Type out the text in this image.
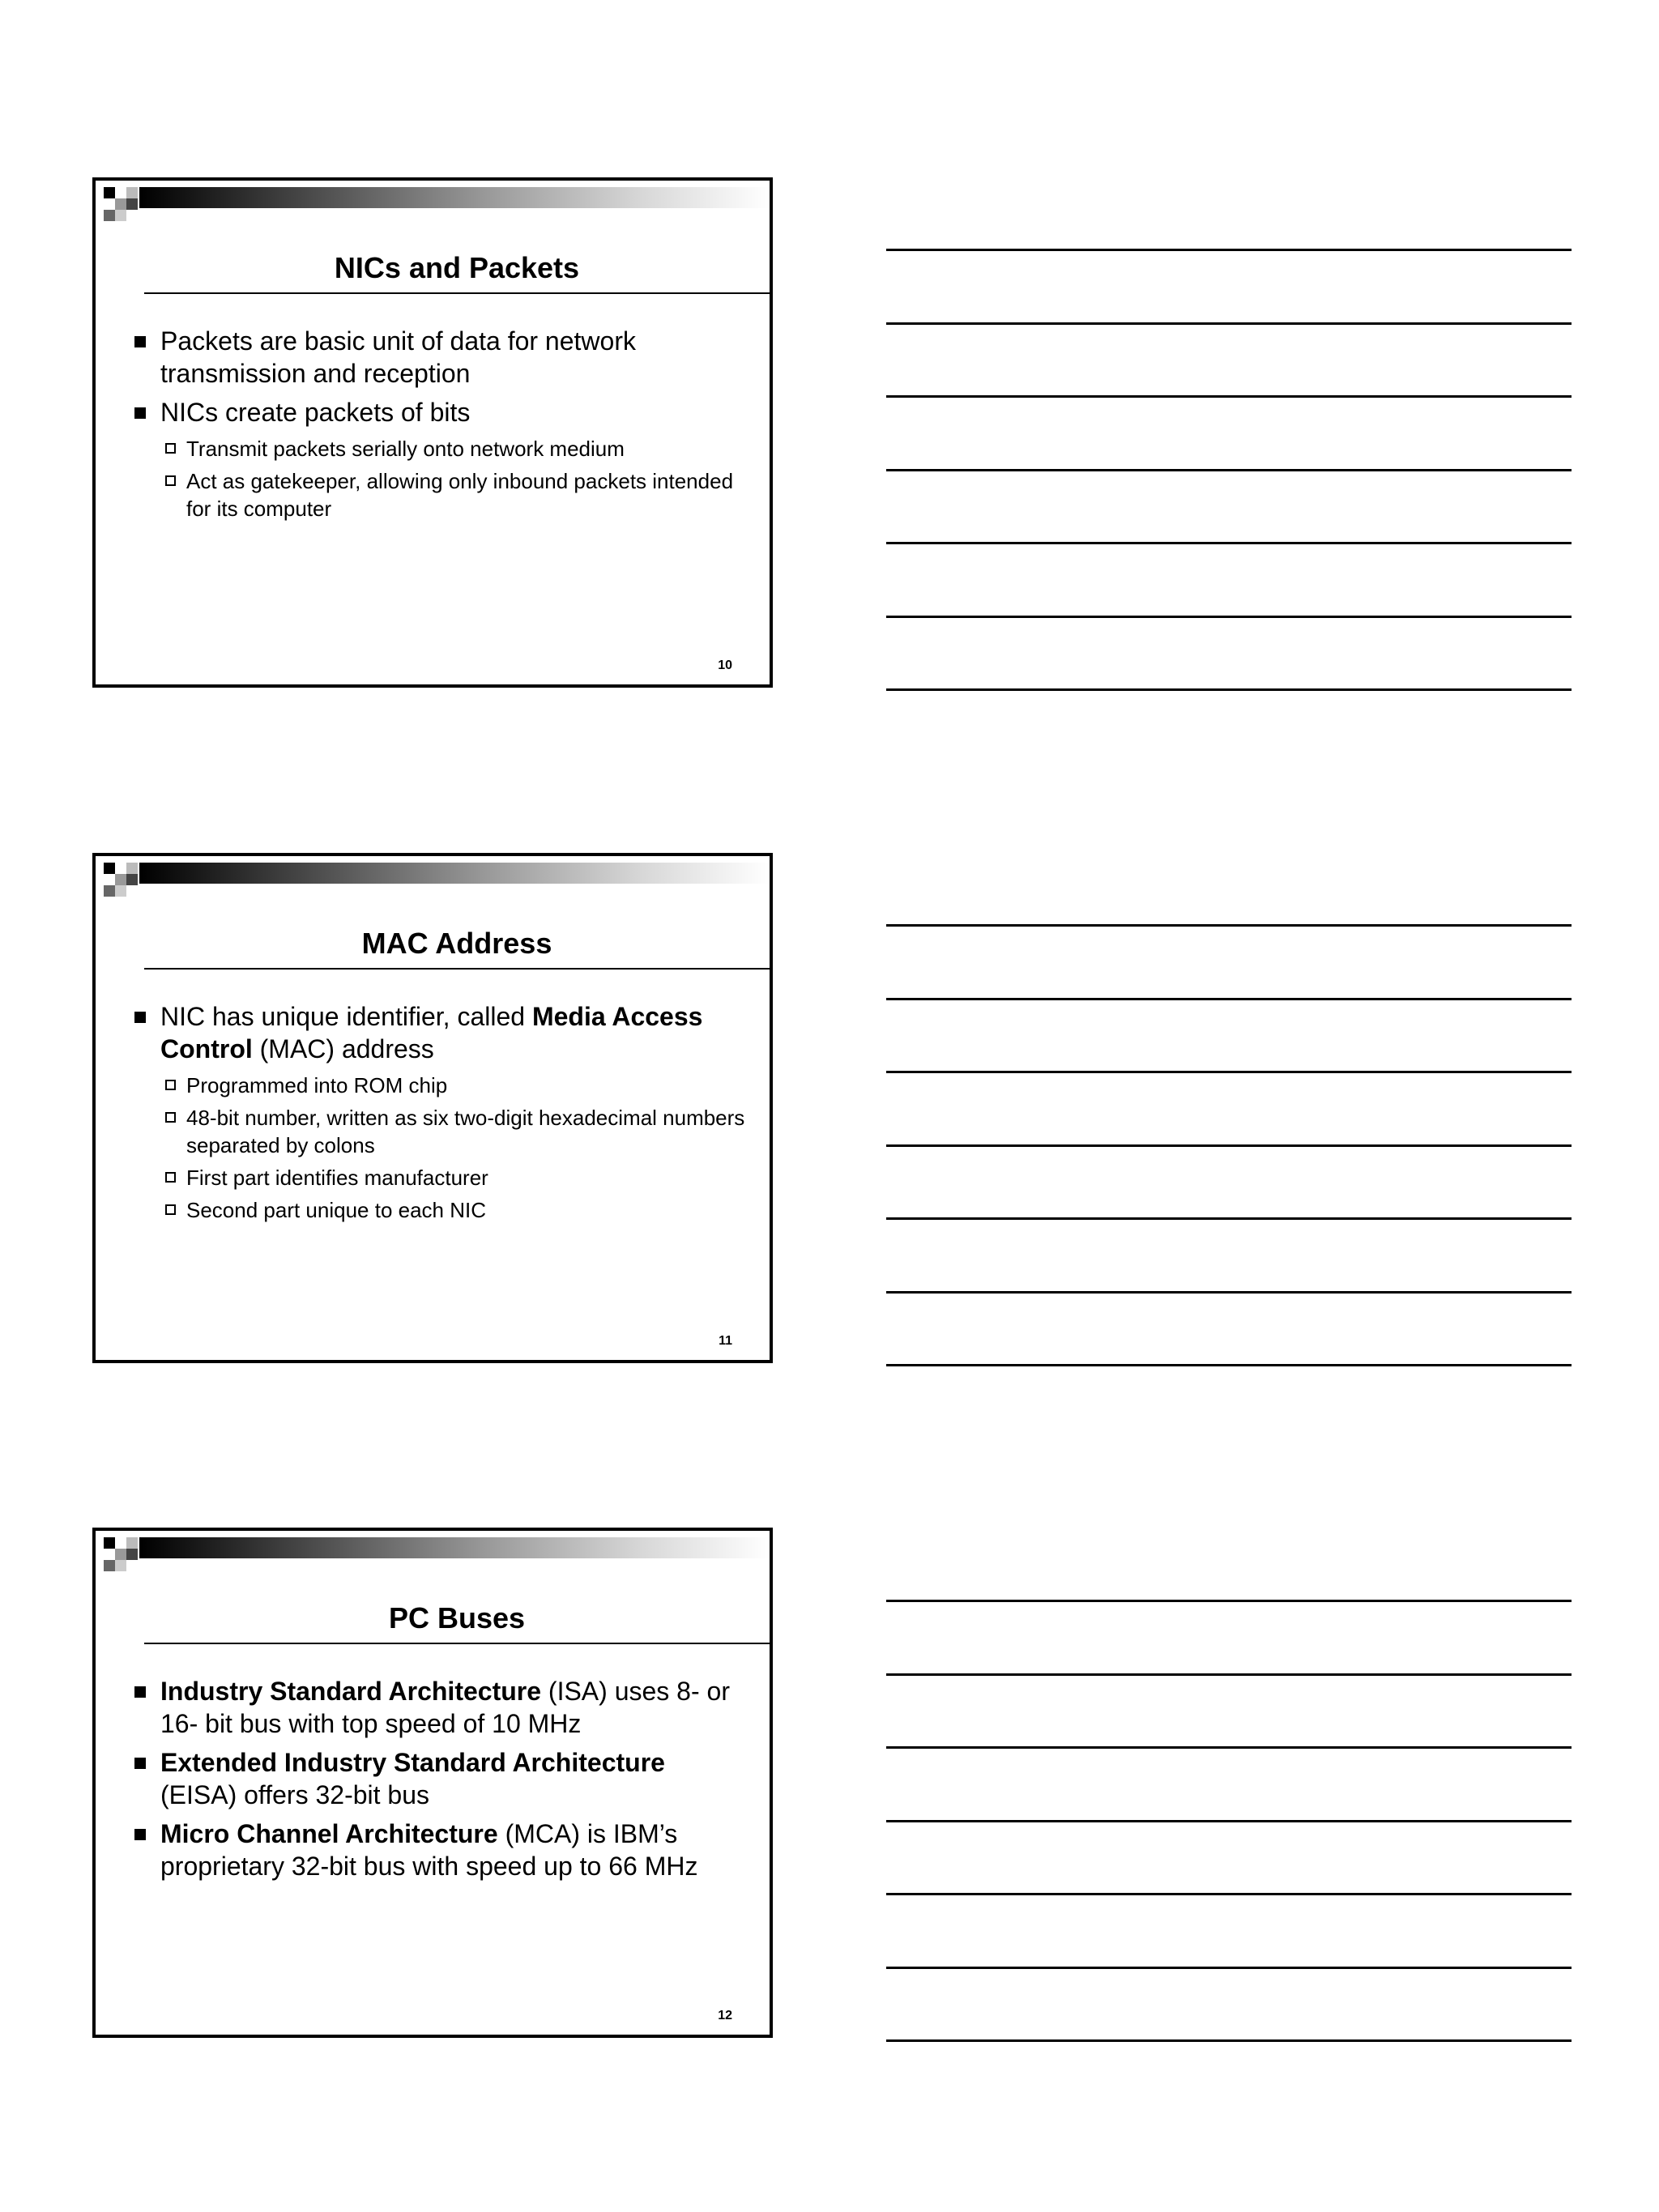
NICs and Packets
Packets are basic unit of data for network transmission and reception
NICs create packets of bits
Transmit packets serially onto network medium
Act as gatekeeper, allowing only inbound packets intended for its computer
10
MAC Address
NIC has unique identifier, called Media Access Control (MAC) address
Programmed into ROM chip
48-bit number, written as six two-digit hexadecimal numbers separated by colons
First part identifies manufacturer
Second part unique to each NIC
11
PC Buses
Industry Standard Architecture (ISA) uses 8- or 16- bit bus with top speed of 10 MHz
Extended Industry Standard Architecture (EISA) offers 32-bit bus
Micro Channel Architecture (MCA) is IBM’s proprietary 32-bit bus with speed up to 66 MHz
12
